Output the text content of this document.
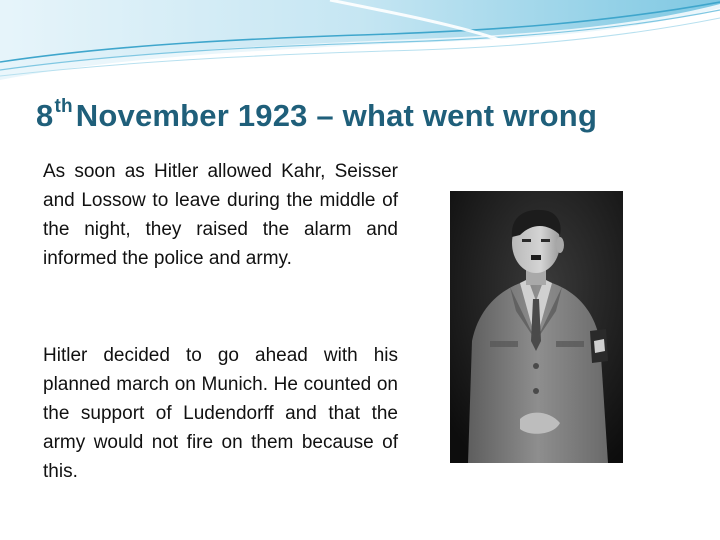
8thNovember 1923 – what went wrong

As soon as Hitler allowed Kahr, Seisser and Lossow to leave during the middle of the night, they raised the alarm and informed the police and army.

Hitler decided to go ahead with his planned march on Munich. He counted on the support of Ludendorff and that the army would not fire on them because of this.
